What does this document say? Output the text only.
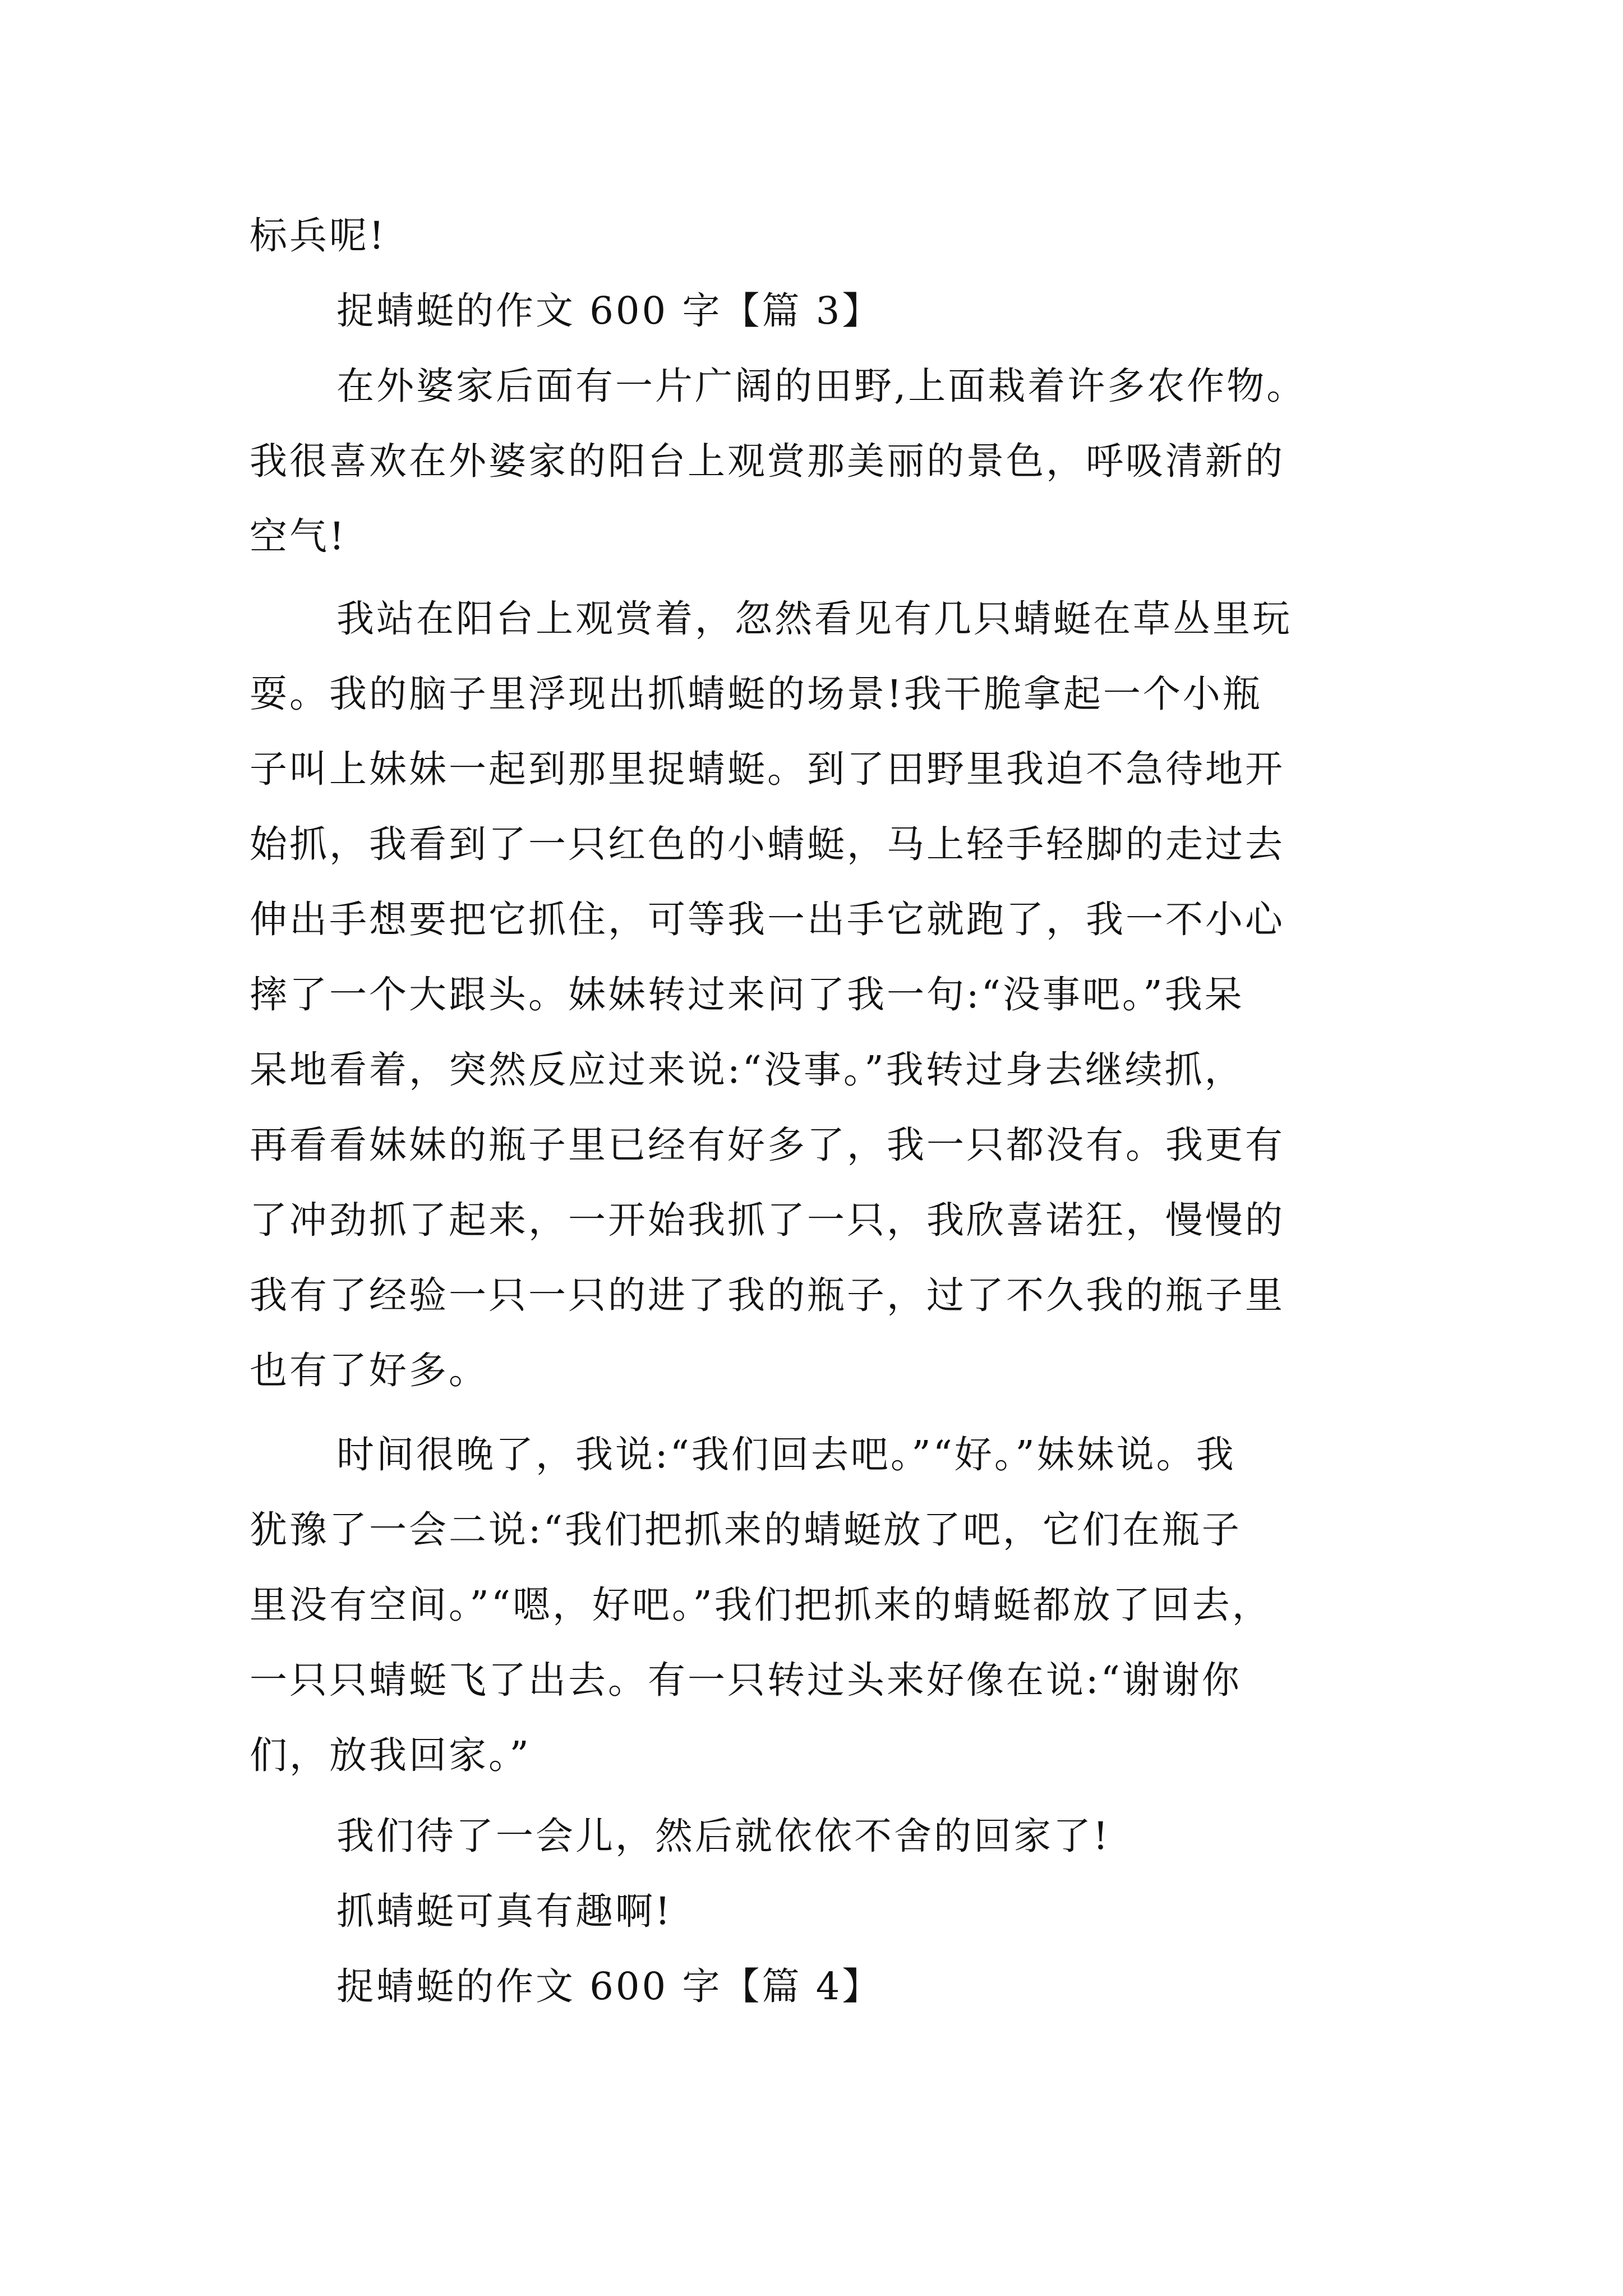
标兵呢!
捉蜻蜓的作文 600 字【篇 3】
在外婆家后面有一片广阔的田野,上面栽着许多农作物。
我很喜欢在外婆家的阳台上观赏那美丽的景色，呼吸清新的
空气!
我站在阳台上观赏着，忽然看见有几只蜻蜓在草丛里玩
耍。我的脑子里浮现出抓蜻蜓的场景!我干脆拿起一个小瓶
子叫上妹妹一起到那里捉蜻蜓。到了田野里我迫不急待地开
始抓，我看到了一只红色的小蜻蜓，马上轻手轻脚的走过去
伸出手想要把它抓住，可等我一出手它就跑了，我一不小心
摔了一个大跟头。妹妹转过来问了我一句:“没事吧。”我呆
呆地看着，突然反应过来说:“没事。”我转过身去继续抓，
再看看妹妹的瓶子里已经有好多了，我一只都没有。我更有
了冲劲抓了起来，一开始我抓了一只，我欣喜诺狂，慢慢的
我有了经验一只一只的进了我的瓶子，过了不久我的瓶子里
也有了好多。
时间很晚了，我说:“我们回去吧。”“好。”妹妹说。我
犹豫了一会二说:“我们把抓来的蜻蜓放了吧，它们在瓶子
里没有空间。”“嗯，好吧。”我们把抓来的蜻蜓都放了回去，
一只只蜻蜓飞了出去。有一只转过头来好像在说:“谢谢你
们，放我回家。”
我们待了一会儿，然后就依依不舍的回家了!
抓蜻蜓可真有趣啊!
捉蜻蜓的作文 600 字【篇 4】
